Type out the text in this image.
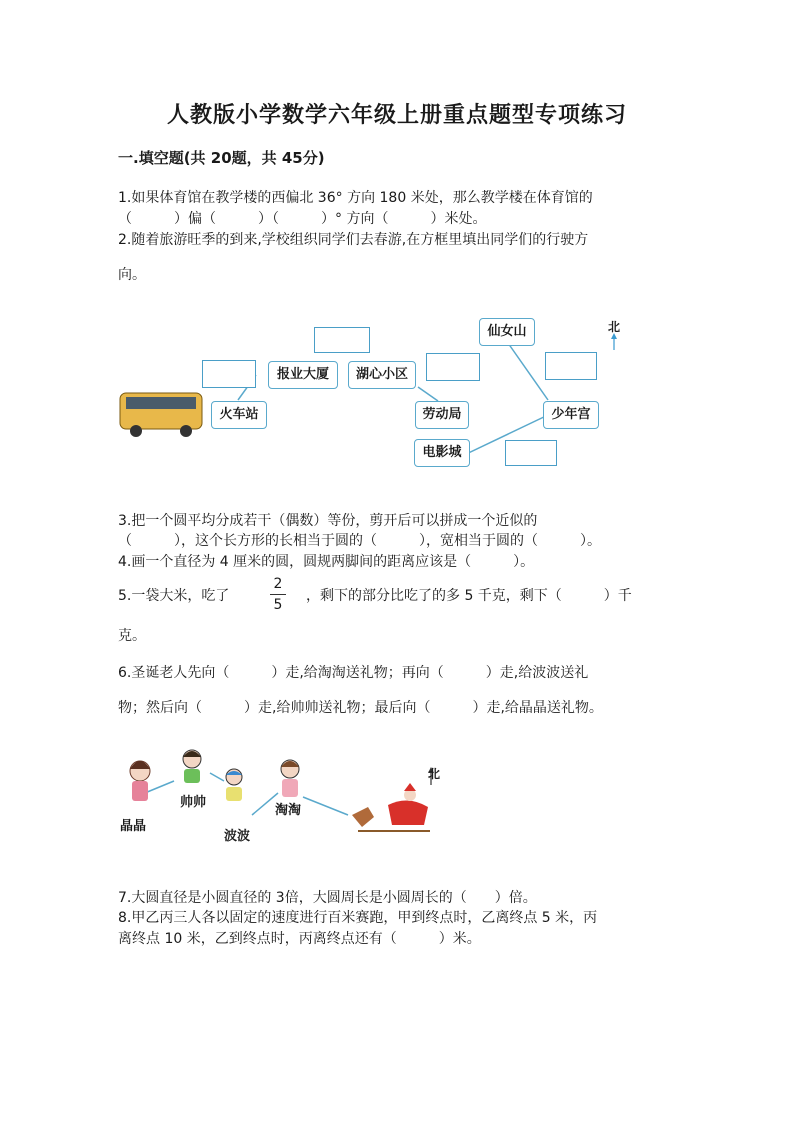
人教版小学数学六年级上册重点题型专项练习
一.填空题(共 20题，共 45分)
1.如果体育馆在教学楼的西偏北 36° 方向 180 米处，那么教学楼在体育馆的
（　　　）偏（　　　）（　　　）° 方向（　　　）米处。
2.随着旅游旺季的到来,学校组织同学们去春游,在方框里填出同学们的行驶方
向。
北
火车站
报业大厦	湖心小区
劳动局
仙女山
少年宫
电影城
3.把一个圆平均分成若干（偶数）等份，剪开后可以拼成一个近似的
（　　　），这个长方形的长相当于圆的（　　　），宽相当于圆的（　　　）。
4.画一个直径为 4 厘米的圆，圆规两脚间的距离应该是（　　　）。
5.一袋大米，吃了
2
5
，剩下的部分比吃了的多 5 千克，剩下（　　　）千
克。
6.圣诞老人先向（　　　）走,给淘淘送礼物；再向（　　　）走,给波波送礼
物；然后向（　　　）走,给帅帅送礼物；最后向（　　　）走,给晶晶送礼物。
北
晶晶
帅帅
波波
淘淘
7.大圆直径是小圆直径的 3倍，大圆周长是小圆周长的（　　）倍。
8.甲乙丙三人各以固定的速度进行百米赛跑，甲到终点时，乙离终点 5 米，丙
离终点 10 米，乙到终点时，丙离终点还有（　　　）米。
